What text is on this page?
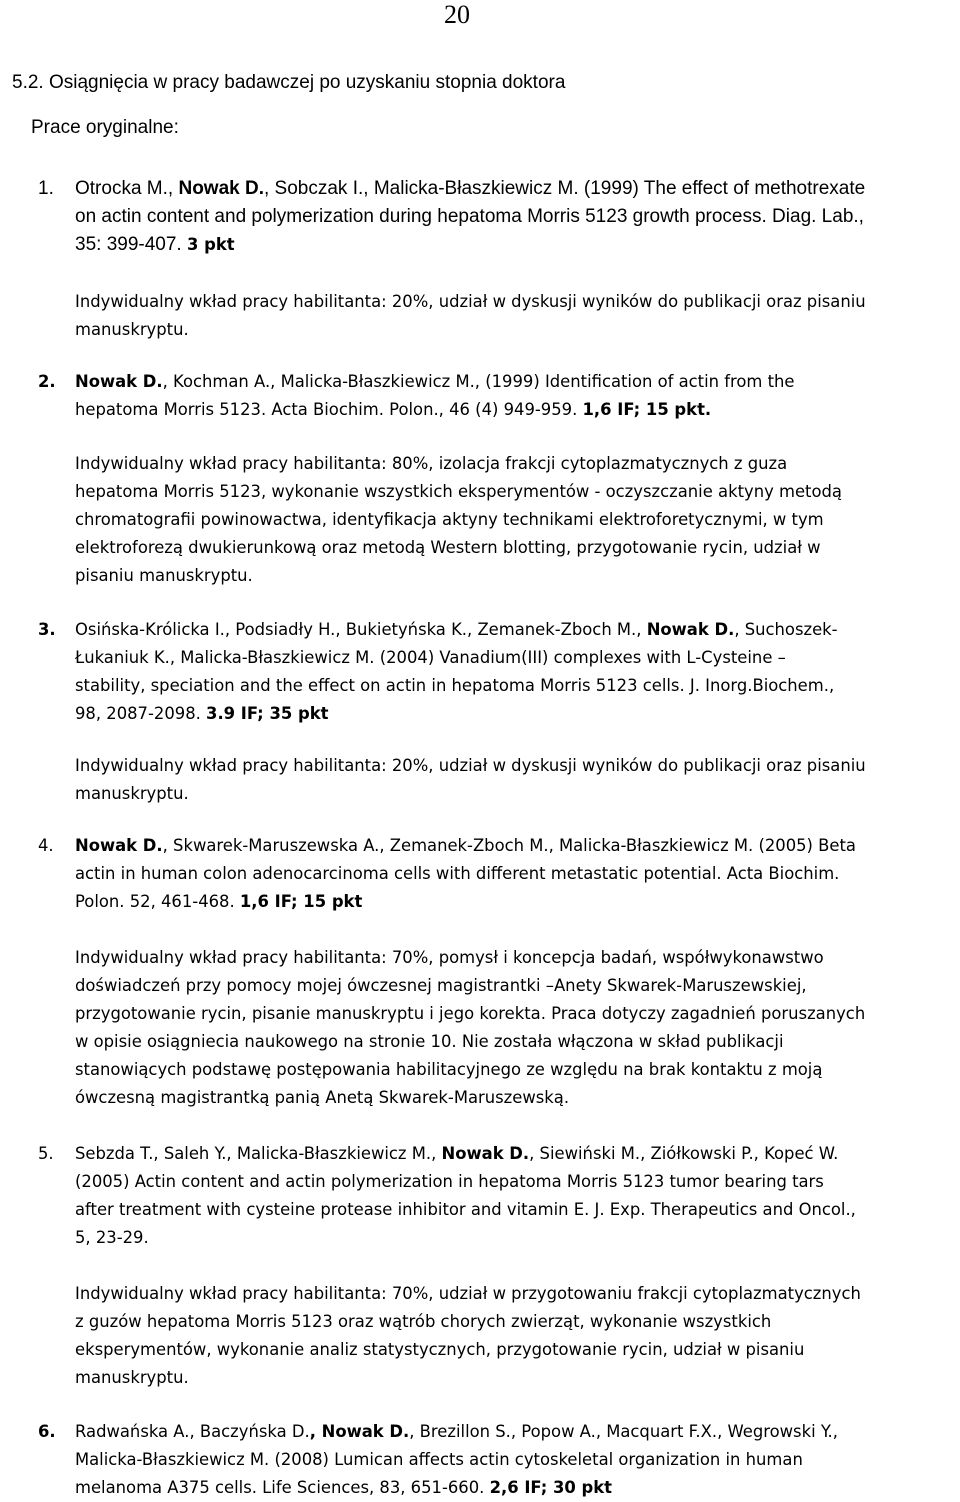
20
5.2. Osiągnięcia w pracy badawczej po uzyskaniu stopnia doktora
Prace oryginalne:
1. Otrocka M., Nowak D., Sobczak I., Malicka-Błaszkiewicz M. (1999) The effect of methotrexate
on actin content and polymerization during hepatoma Morris 5123 growth process. Diag. Lab.,
35: 399-407. 3 pkt
Indywidualny wkład pracy habilitanta: 20%, udział w dyskusji wyników do publikacji oraz pisaniu
manuskryptu.
2. Nowak D., Kochman A., Malicka-Błaszkiewicz M., (1999) Identification of actin from the
hepatoma Morris 5123. Acta Biochim. Polon., 46 (4) 949-959. 1,6 IF; 15 pkt.
Indywidualny wkład pracy habilitanta: 80%, izolacja frakcji cytoplazmatycznych z guza
hepatoma Morris 5123, wykonanie wszystkich eksperymentów - oczyszczanie aktyny metodą
chromatografii powinowactwa, identyfikacja aktyny technikami elektroforetycznymi, w tym
elektroforezą dwukierunkową oraz metodą Western blotting, przygotowanie rycin, udział w
pisaniu manuskryptu.
3. Osińska-Królicka I., Podsiadły H., Bukietyńska K., Zemanek-Zboch M., Nowak D., Suchoszek-
Łukaniuk K., Malicka-Błaszkiewicz M. (2004) Vanadium(III) complexes with L-Cysteine –
stability, speciation and the effect on actin in hepatoma Morris 5123 cells. J. Inorg.Biochem.,
98, 2087-2098. 3.9 IF; 35 pkt
Indywidualny wkład pracy habilitanta: 20%, udział w dyskusji wyników do publikacji oraz pisaniu
manuskryptu.
4. Nowak D., Skwarek-Maruszewska A., Zemanek-Zboch M., Malicka-Błaszkiewicz M. (2005) Beta
actin in human colon adenocarcinoma cells with different metastatic potential. Acta Biochim.
Polon. 52, 461-468. 1,6 IF; 15 pkt
Indywidualny wkład pracy habilitanta: 70%, pomysł i koncepcja badań, współwykonawstwo
doświadczeń przy pomocy mojej ówczesnej magistrantki –Anety Skwarek-Maruszewskiej,
przygotowanie rycin, pisanie manuskryptu i jego korekta. Praca dotyczy zagadnień poruszanych
w opisie osiągniecia naukowego na stronie 10. Nie została włączona w skład publikacji
stanowiących podstawę postępowania habilitacyjnego ze względu na brak kontaktu z moją
ówczesną magistrantką panią Anetą Skwarek-Maruszewską.
5. Sebzda T., Saleh Y., Malicka-Błaszkiewicz M., Nowak D., Siewiński M., Ziółkowski P., Kopeć W.
(2005) Actin content and actin polymerization in hepatoma Morris 5123 tumor bearing tars
after treatment with cysteine protease inhibitor and vitamin E. J. Exp. Therapeutics and Oncol.,
5, 23-29.
Indywidualny wkład pracy habilitanta: 70%, udział w przygotowaniu frakcji cytoplazmatycznych
z guzów hepatoma Morris 5123 oraz wątrób chorych zwierząt, wykonanie wszystkich
eksperymentów, wykonanie analiz statystycznych, przygotowanie rycin, udział w pisaniu
manuskryptu.
6. Radwańska A., Baczyńska D., Nowak D., Brezillon S., Popow A., Macquart F.X., Wegrowski Y.,
Malicka-Błaszkiewicz M. (2008) Lumican affects actin cytoskeletal organization in human
melanoma A375 cells. Life Sciences, 83, 651-660. 2,6 IF; 30 pkt
